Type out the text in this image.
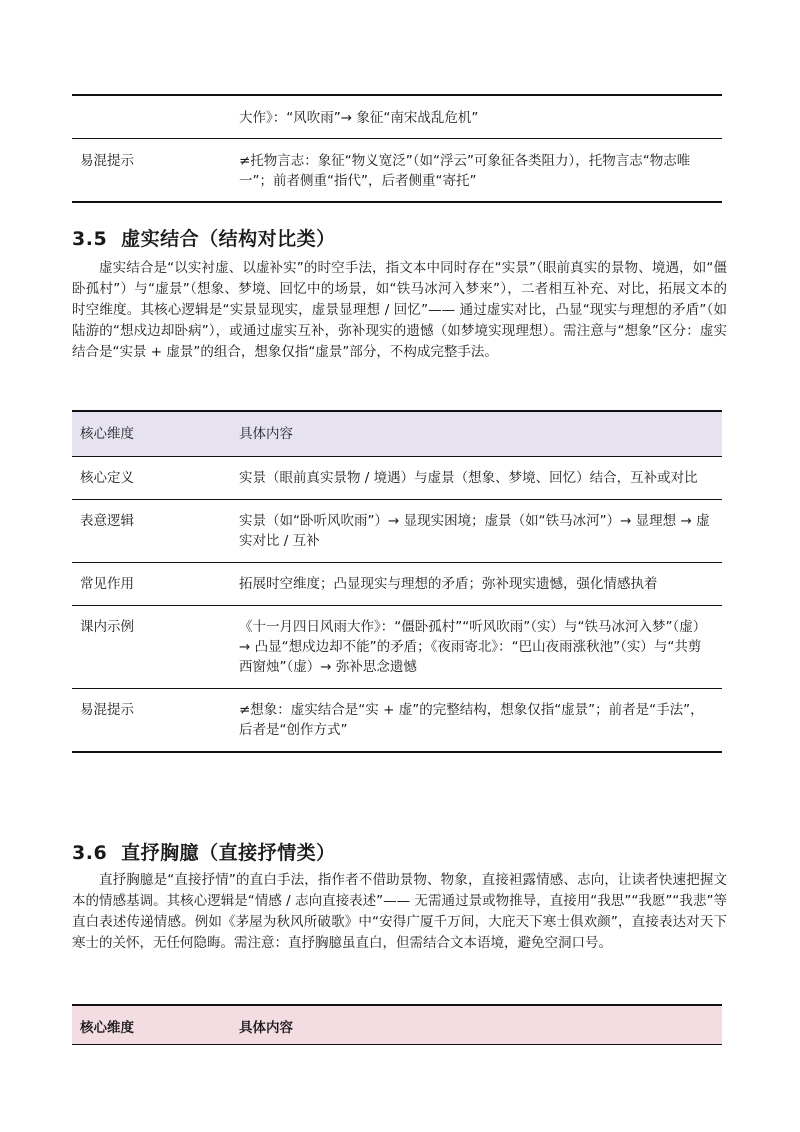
	大作》：“风吹雨”→ 象征“南宋战乱危机”
易混提示	≠托物言志：象征“物义宽泛”（如“浮云”可象征各类阻力），托物言志“物志唯一”；前者侧重“指代”，后者侧重“寄托”
3.5 虚实结合（结构对比类）

虚实结合是“以实衬虚、以虚补实”的时空手法，指文本中同时存在“实景”（眼前真实的景物、境遇，如“僵卧孤村”）与“虚景”（想象、梦境、回忆中的场景，如“铁马冰河入梦来”），二者相互补充、对比，拓展文本的时空维度。其核心逻辑是“实景显现实，虚景显理想 / 回忆”—— 通过虚实对比，凸显“现实与理想的矛盾”（如陆游的“想戍边却卧病”），或通过虚实互补，弥补现实的遗憾（如梦境实现理想）。需注意与“想象”区分：虚实结合是“实景 + 虚景”的组合，想象仅指“虚景”部分，不构成完整手法。

核心维度	具体内容
核心定义	实景（眼前真实景物 / 境遇）与虚景（想象、梦境、回忆）结合，互补或对比
表意逻辑	实景（如“卧听风吹雨”）→ 显现实困境；虚景（如“铁马冰河”）→ 显理想 → 虚实对比 / 互补
常见作用	拓展时空维度；凸显现实与理想的矛盾；弥补现实遗憾，强化情感执着
课内示例	《十一月四日风雨大作》：“僵卧孤村”“听风吹雨”（实）与“铁马冰河入梦”（虚）→ 凸显“想戍边却不能”的矛盾；《夜雨寄北》：“巴山夜雨涨秋池”（实）与“共剪西窗烛”（虚）→ 弥补思念遗憾
易混提示	≠想象：虚实结合是“实 + 虚”的完整结构，想象仅指“虚景”；前者是“手法”，后者是“创作方式”
3.6 直抒胸臆（直接抒情类）

直抒胸臆是“直接抒情”的直白手法，指作者不借助景物、物象，直接袒露情感、志向，让读者快速把握文本的情感基调。其核心逻辑是“情感 / 志向直接表述”—— 无需通过景或物推导，直接用“我思”“我愿”“我悲”等直白表述传递情感。例如《茅屋为秋风所破歌》中“安得广厦千万间，大庇天下寒士俱欢颜”，直接表达对天下寒士的关怀，无任何隐晦。需注意：直抒胸臆虽直白，但需结合文本语境，避免空洞口号。

核心维度	具体内容
